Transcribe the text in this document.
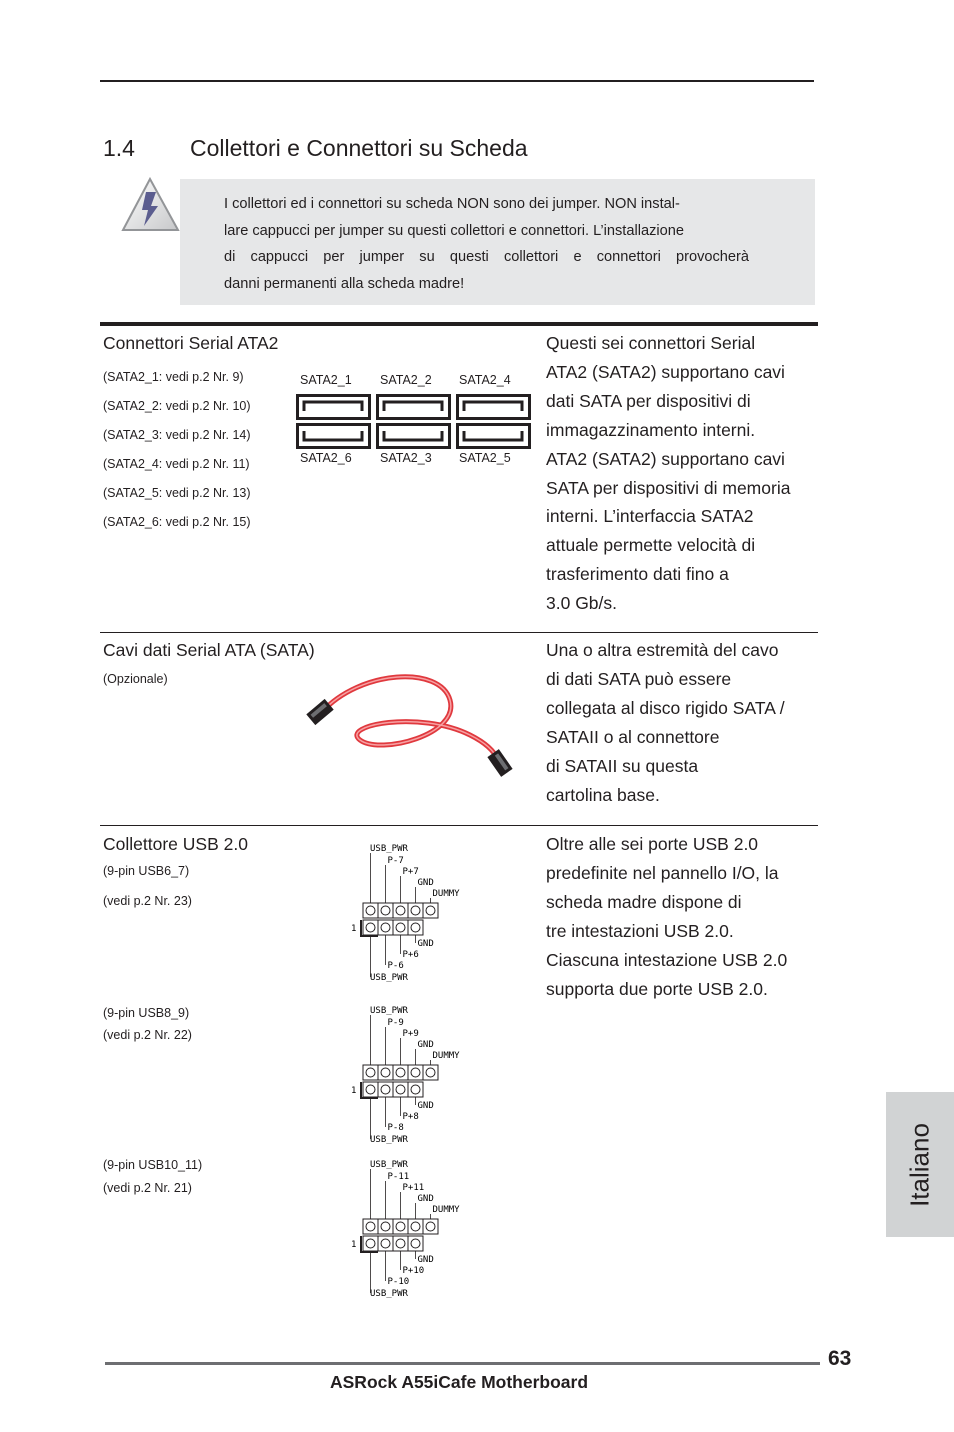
1.4 Collettori e Connettori su Scheda
I collettori ed i connettori su scheda NON sono dei jumper. NON instal-
lare cappucci per jumper su questi collettori e connettori. L’installazione
di cappucci per jumper su questi collettori e connettori provocherà
danni permanenti alla scheda madre!
Connettori Serial ATA2
(SATA2_1: vedi p.2 Nr. 9)
(SATA2_2: vedi p.2 Nr. 10)
(SATA2_3: vedi p.2 Nr. 14)
(SATA2_4: vedi p.2 Nr. 11)
(SATA2_5: vedi p.2 Nr. 13)
(SATA2_6: vedi p.2 Nr. 15)
SATA2_1 SATA2_2 SATA2_4
SATA2_6 SATA2_3 SATA2_5
Questi sei connettori Serial
ATA2 (SATA2) supportano cavi
dati SATA per dispositivi di
immagazzinamento interni.
ATA2 (SATA2) supportano cavi
SATA per dispositivi di memoria
interni. L’interfaccia SATA2
attuale permette velocità di
trasferimento dati fino a
3.0 Gb/s.
Cavi dati Serial ATA (SATA)
(Opzionale)
Una o altra estremità del cavo
di dati SATA può essere
collegata al disco rigido SATA /
SATAII o al connettore
di SATAII su questa
cartolina base.
Collettore USB 2.0
(9-pin USB6_7)
(vedi p.2 Nr. 23)
(9-pin USB8_9)
(vedi p.2 Nr. 22)
(9-pin USB10_11)
(vedi p.2 Nr. 21)
1
USB_PWR
P-7
P+7
GND
DUMMY
GND
P+6
P-6
USB_PWR
1
USB_PWR
P-9
P+9
GND
DUMMY
GND
P+8
P-8
USB_PWR
1
USB_PWR
P-11
P+11
GND
DUMMY
GND
P+10
P-10
USB_PWR
Oltre alle sei porte USB 2.0
predefinite nel pannello I/O, la
scheda madre dispone di
tre intestazioni USB 2.0.
Ciascuna intestazione USB 2.0
supporta due porte USB 2.0.
Italiano
63
ASRock A55iCafe Motherboard
